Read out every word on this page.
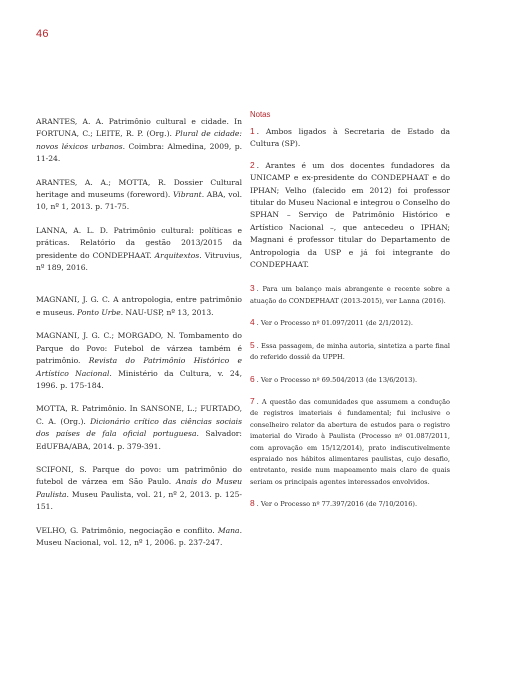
46

ARANTES, A. A. Patrimônio cultural e cidade. In FORTUNA, C.; LEITE, R. P. (Org.). Plural de cidade: novos léxicos urbanos. Coimbra: Almedina, 2009, p. 11-24.

ARANTES, A. A.; MOTTA, R. Dossier Cultural heritage and museums (foreword). Vibrant. ABA, vol. 10, nº 1, 2013. p. 71-75.

LANNA, A. L. D. Patrimônio cultural: políticas e práticas. Relatório da gestão 2013/2015 da presidente do CONDEPHAAT. Arquitextos. Vitruvius, nº 189, 2016.

MAGNANI, J. G. C. A antropologia, entre patrimônio e museus. Ponto Urbe. NAU-USP, nº 13, 2013.

MAGNANI, J. G. C.; MORGADO, N. Tombamento do Parque do Povo: Futebol de várzea também é patrimônio. Revista do Patrimônio Histórico e Artístico Nacional. Ministério da Cultura, v. 24, 1996. p. 175-184.

MOTTA, R. Patrimônio. In SANSONE, L.; FURTADO, C. A. (Org.). Dicionário crítico das ciências sociais dos países de fala oficial portuguesa. Salvador: EdUFBA/ABA, 2014. p. 379-391.

SCIFONI, S. Parque do povo: um patrimônio do futebol de várzea em São Paulo. Anais do Museu Paulista. Museu Paulista, vol. 21, nº 2, 2013. p. 125-151.

VELHO, G. Patrimônio, negociação e conflito. Mana. Museu Nacional, vol. 12, nº 1, 2006. p. 237-247.

Notas

1 . Ambos ligados à Secretaria de Estado da Cultura (SP).

2 . Arantes é um dos docentes fundadores da UNICAMP e ex-presidente do CONDEPHAAT e do IPHAN; Velho (falecido em 2012) foi professor titular do Museu Nacional e integrou o Conselho do SPHAN – Serviço de Patrimônio Histórico e Artístico Nacional –, que antecedeu o IPHAN; Magnani é professor titular do Departamento de Antropologia da USP e já foi integrante do CONDEPHAAT.

3 . Para um balanço mais abrangente e recente sobre a atuação do CONDEPHAAT (2013-2015), ver Lanna (2016).

4 . Ver o Processo nº 01.097/2011 (de 2/1/2012).

5 . Essa passagem, de minha autoria, sintetiza a parte final do referido dossiê da UPPH.

6 . Ver o Processo nº 69.504/2013 (de 13/6/2013).

7 . A questão das comunidades que assumem a condução de registros imateriais é fundamental; fui inclusive o conselheiro relator da abertura de estudos para o registro imaterial do Virado à Paulista (Processo nº 01.087/2011, com aprovação em 15/12/2014), prato indiscutivelmente espraiado nos hábitos alimentares paulistas, cujo desafio, entretanto, reside num mapeamento mais claro de quais seriam os principais agentes interessados envolvidos.

8 . Ver o Processo nº 77.397/2016 (de 7/10/2016).
